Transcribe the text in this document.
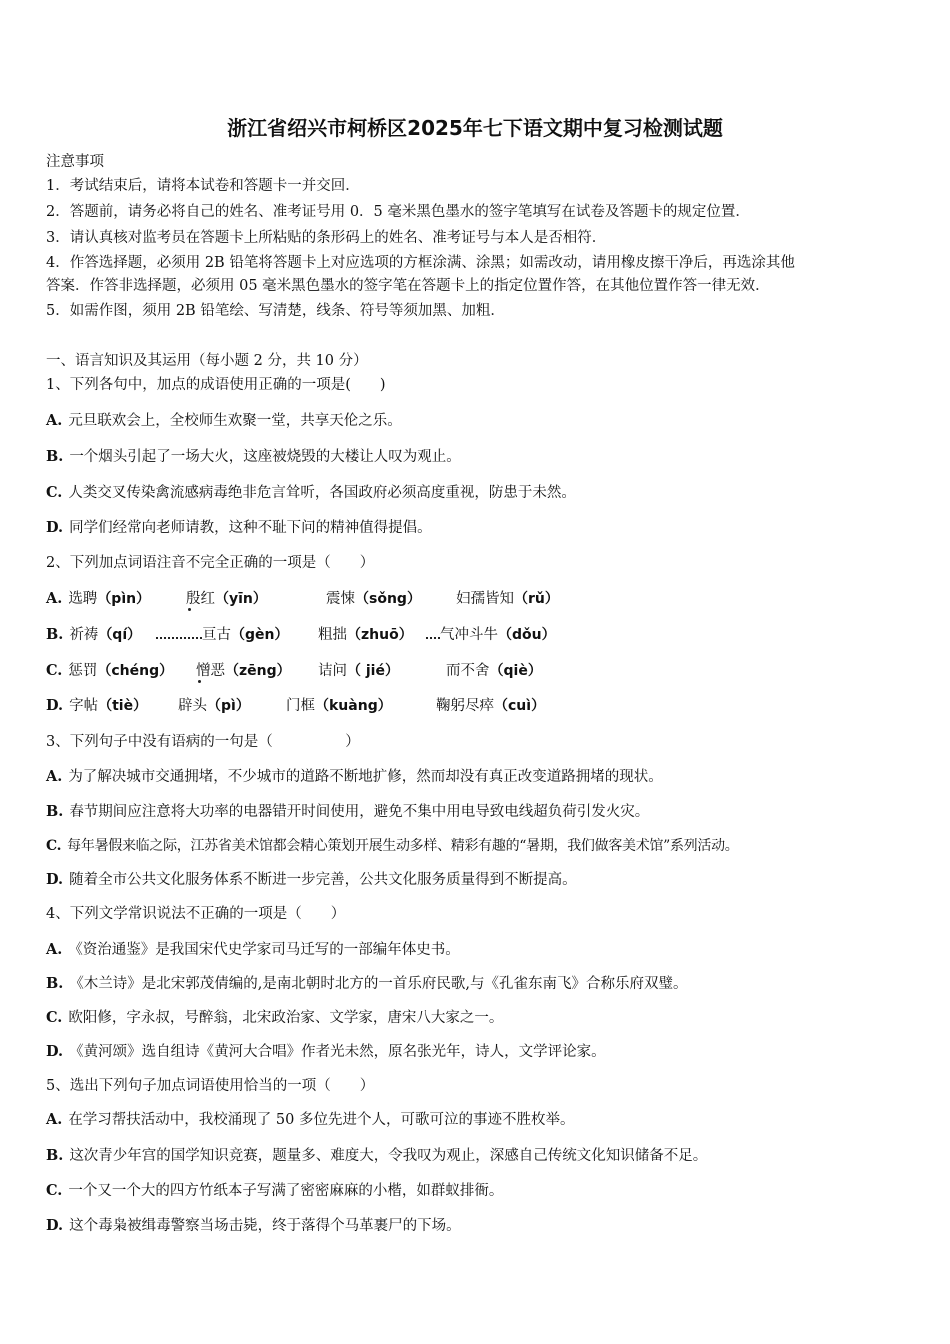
浙江省绍兴市柯桥区2025年七下语文期中复习检测试题
注意事项
1．考试结束后，请将本试卷和答题卡一并交回．
2．答题前，请务必将自己的姓名、准考证号用 0．5 毫米黑色墨水的签字笔填写在试卷及答题卡的规定位置．
3．请认真核对监考员在答题卡上所粘贴的条形码上的姓名、准考证号与本人是否相符．
4．作答选择题，必须用 2B 铅笔将答题卡上对应选项的方框涂满、涂黑；如需改动，请用橡皮擦干净后，再选涂其他
答案．作答非选择题，必须用 05 毫米黑色墨水的签字笔在答题卡上的指定位置作答，在其他位置作答一律无效．
5．如需作图，须用 2B 铅笔绘、写清楚，线条、符号等须加黑、加粗．
一、语言知识及其运用（每小题 2 分，共 10 分）
1、下列各句中，加点的成语使用正确的一项是(　　)
A. 元旦联欢会上，全校师生欢聚一堂，共享天伦之乐。
B. 一个烟头引起了一场大火，这座被烧毁的大楼让人叹为观止。
C. 人类交叉传染禽流感病毒绝非危言耸听，各国政府必须高度重视，防患于未然。
D. 同学们经常向老师请教，这种不耻下问的精神值得提倡。
2、下列加点词语注音不完全正确的一项是（　　）
A. 选聘（pìn） 殷红（yīn）	震悚（sǒng） 妇孺皆知（rǔ）
B. 祈祷（qí）	亘古（gèn） 粗拙（zhuō）	气冲斗牛（dǒu）
C. 惩罚（chéng） 憎恶（zēng） 诘问（ jié）	而不舍（qiè）
D. 字帖（tiè） 辟头（pì） 门框（kuàng）	鞠躬尽瘁（cuì）
3、下列句子中没有语病的一句是（　　　　　）
A. 为了解决城市交通拥堵，不少城市的道路不断地扩修，然而却没有真正改变道路拥堵的现状。
B. 春节期间应注意将大功率的电器错开时间使用，避免不集中用电导致电线超负荷引发火灾。
C. 每年暑假来临之际，江苏省美术馆都会精心策划开展生动多样、精彩有趣的“暑期，我们做客美术馆”系列活动。
D. 随着全市公共文化服务体系不断进一步完善，公共文化服务质量得到不断提高。
4、下列文学常识说法不正确的一项是（　　）
A. 《资治通鉴》是我国宋代史学家司马迁写的一部编年体史书。
B. 《木兰诗》是北宋郭茂倩编的,是南北朝时北方的一首乐府民歌,与《孔雀东南飞》合称乐府双璧。
C. 欧阳修，字永叔，号醉翁，北宋政治家、文学家，唐宋八大家之一。
D. 《黄河颂》选自组诗《黄河大合唱》作者光未然，原名张光年，诗人，文学评论家。
5、选出下列句子加点词语使用恰当的一项（　　）
A. 在学习帮扶活动中，我校涌现了 50 多位先进个人，可歌可泣的事迹不胜枚举。
B. 这次青少年宫的国学知识竞赛，题量多、难度大，令我叹为观止，深感自己传统文化知识储备不足。
C. 一个又一个大的四方竹纸本子写满了密密麻麻的小楷，如群蚁排衙。
D. 这个毒枭被缉毒警察当场击毙，终于落得个马革裹尸的下场。
